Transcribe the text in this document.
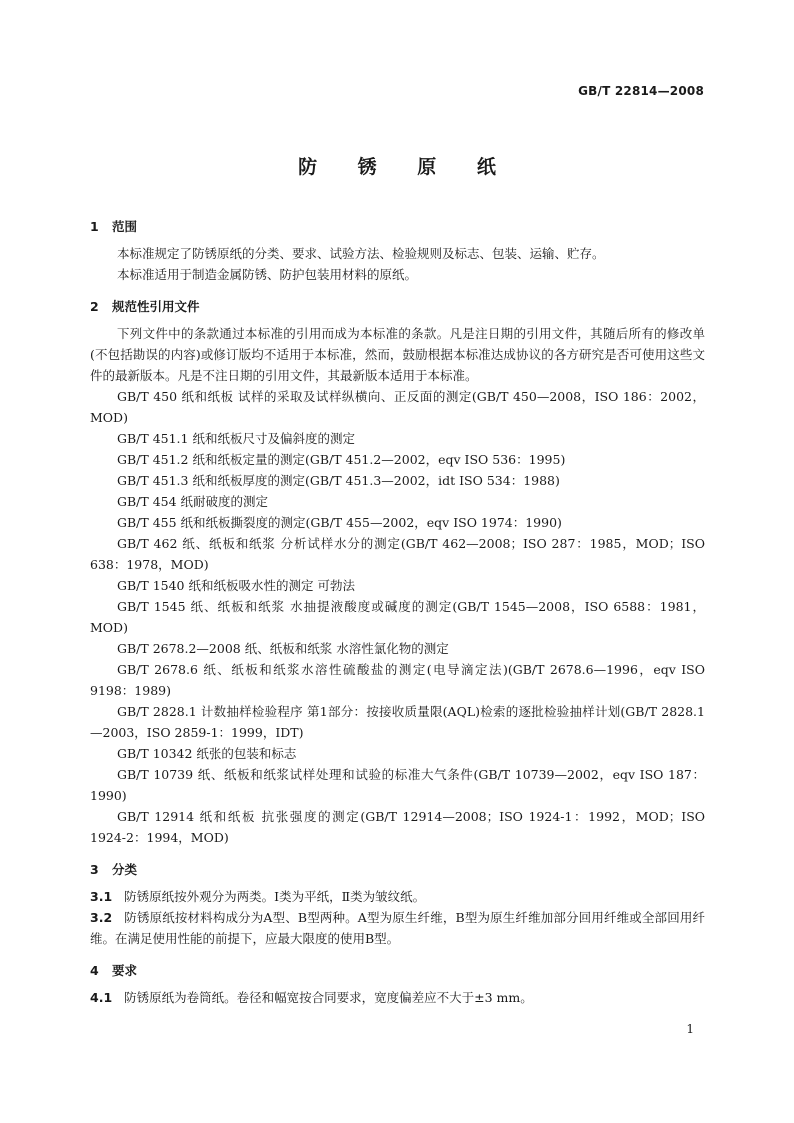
GB/T 22814—2008
防 锈 原 纸
1 范围

本标准规定了防锈原纸的分类、要求、试验方法、检验规则及标志、包装、运输、贮存。

本标准适用于制造金属防锈、防护包装用材料的原纸。

2 规范性引用文件

下列文件中的条款通过本标准的引用而成为本标准的条款。凡是注日期的引用文件，其随后所有的修改单(不包括勘误的内容)或修订版均不适用于本标准，然而，鼓励根据本标准达成协议的各方研究是否可使用这些文件的最新版本。凡是不注日期的引用文件，其最新版本适用于本标准。

GB/T 450 纸和纸板 试样的采取及试样纵横向、正反面的测定(GB/T 450—2008，ISO 186：2002，MOD)

GB/T 451.1 纸和纸板尺寸及偏斜度的测定

GB/T 451.2 纸和纸板定量的测定(GB/T 451.2—2002，eqv ISO 536：1995)

GB/T 451.3 纸和纸板厚度的测定(GB/T 451.3—2002，idt ISO 534：1988)

GB/T 454 纸耐破度的测定

GB/T 455 纸和纸板撕裂度的测定(GB/T 455—2002，eqv ISO 1974：1990)

GB/T 462 纸、纸板和纸浆 分析试样水分的测定(GB/T 462—2008；ISO 287：1985，MOD；ISO 638：1978，MOD)

GB/T 1540 纸和纸板吸水性的测定 可勃法

GB/T 1545 纸、纸板和纸浆 水抽提液酸度或碱度的测定(GB/T 1545—2008，ISO 6588：1981，MOD)

GB/T 2678.2—2008 纸、纸板和纸浆 水溶性氯化物的测定

GB/T 2678.6 纸、纸板和纸浆水溶性硫酸盐的测定(电导滴定法)(GB/T 2678.6—1996，eqv ISO 9198：1989)

GB/T 2828.1 计数抽样检验程序 第1部分：按接收质量限(AQL)检索的逐批检验抽样计划(GB/T 2828.1—2003，ISO 2859-1：1999，IDT)

GB/T 10342 纸张的包装和标志

GB/T 10739 纸、纸板和纸浆试样处理和试验的标准大气条件(GB/T 10739—2002，eqv ISO 187：1990)

GB/T 12914 纸和纸板 抗张强度的测定(GB/T 12914—2008；ISO 1924-1：1992，MOD；ISO 1924-2：1994，MOD)

3 分类

3.1 防锈原纸按外观分为两类。Ⅰ类为平纸，Ⅱ类为皱纹纸。

3.2 防锈原纸按材料构成分为A型、B型两种。A型为原生纤维，B型为原生纤维加部分回用纤维或全部回用纤维。在满足使用性能的前提下，应最大限度的使用B型。

4 要求

4.1 防锈原纸为卷筒纸。卷径和幅宽按合同要求，宽度偏差应不大于±3 mm。

1
